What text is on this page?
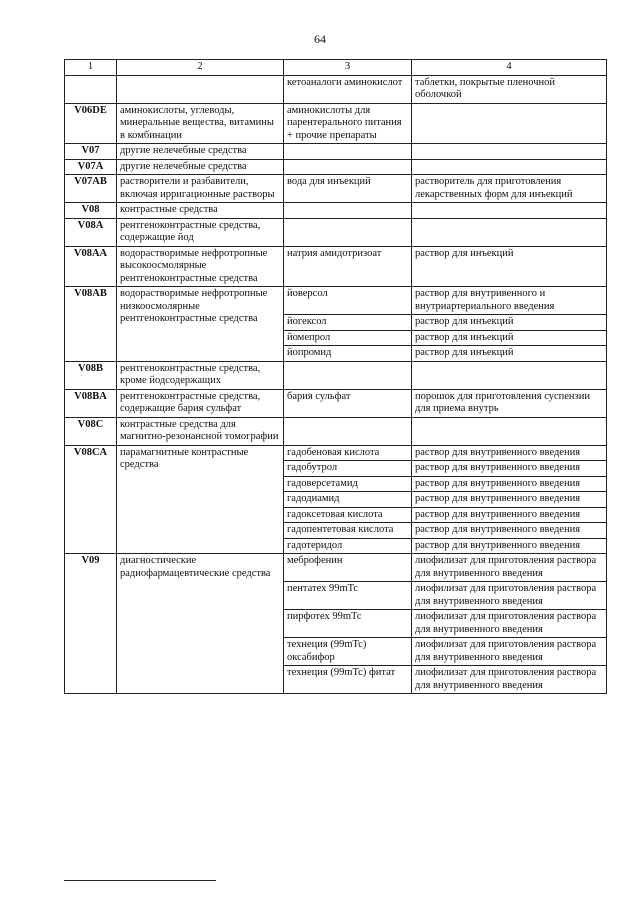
64
1	2	3	4
		кетоаналоги аминокислот	таблетки, покрытые пленочной оболочкой
V06DE	аминокислоты, углеводы, минеральные вещества, витамины в комбинации	аминокислоты для парентерального питания + прочие препараты	
V07	другие нелечебные средства		
V07A	другие нелечебные средства		
V07AB	растворители и разбавители, включая ирригационные растворы	вода для инъекций	растворитель для приготовления лекарственных форм для инъекций
V08	контрастные средства		
V08A	рентгеноконтрастные средства, содержащие йод		
V08AA	водорастворимые нефротропные высокоосмолярные рентгеноконтрастные средства	натрия амидотризоат	раствор для инъекций
V08AB	водорастворимые нефротропные низкоосмолярные рентгеноконтрастные средства	йоверсол	раствор для внутривенного и внутриартериального введения
		йогексол	раствор для инъекций
		йомепрол	раствор для инъекций
		йопромид	раствор для инъекций
V08B	рентгеноконтрастные средства, кроме йодсодержащих		
V08BA	рентгеноконтрастные средства, содержащие бария сульфат	бария сульфат	порошок для приготовления суспензии для приема внутрь
V08C	контрастные средства для магнитно-резонансной томографии		
V08CA	парамагнитные контрастные средства	гадобеновая кислота	раствор для внутривенного введения
		гадобутрол	раствор для внутривенного введения
		гадоверсетамид	раствор для внутривенного введения
		гадодиамид	раствор для внутривенного введения
		гадоксетовая кислота	раствор для внутривенного введения
		гадопентетовая кислота	раствор для внутривенного введения
		гадотеридол	раствор для внутривенного введения
V09	диагностические радиофармацевтические средства	меброфенин	лиофилизат для приготовления раствора для внутривенного введения
		пентатех 99mTc	лиофилизат для приготовления раствора для внутривенного введения
		пирфотех 99mTc	лиофилизат для приготовления раствора для внутривенного введения
		технеция (99mTc) оксабифор	лиофилизат для приготовления раствора для внутривенного введения
		технеция (99mTc) фитат	лиофилизат для приготовления раствора для внутривенного введения
